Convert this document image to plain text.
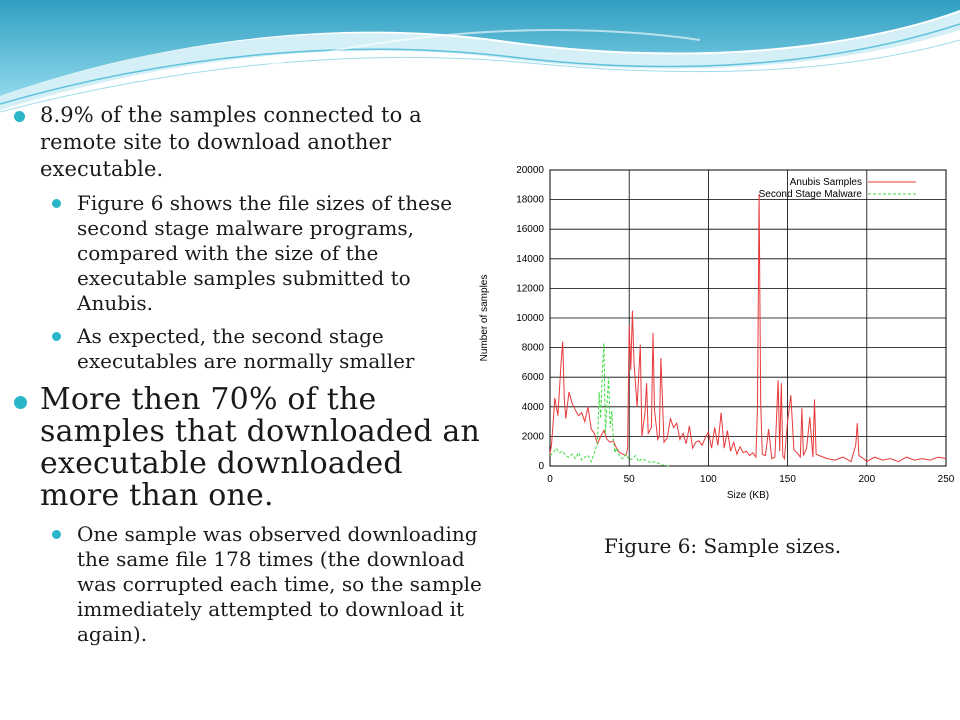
8.9% of the samples connected to a remote site to download another executable.
Figure 6 shows the file sizes of these second stage malware programs, compared with the size of the executable samples submitted to Anubis.
As expected, the second stage executables are normally smaller
More then 70% of the samples that downloaded an executable downloaded more than one.
One sample was observed downloading the same file 178 times (the download was corrupted each time, so the sample immediately attempted to download it again).
0
2000
4000
6000
8000
10000
12000
14000
16000
18000
20000
0	50	100	150	200	250
Size (KB)
Number of samples
Anubis Samples
Second Stage Malware
Figure 6: Sample sizes.
